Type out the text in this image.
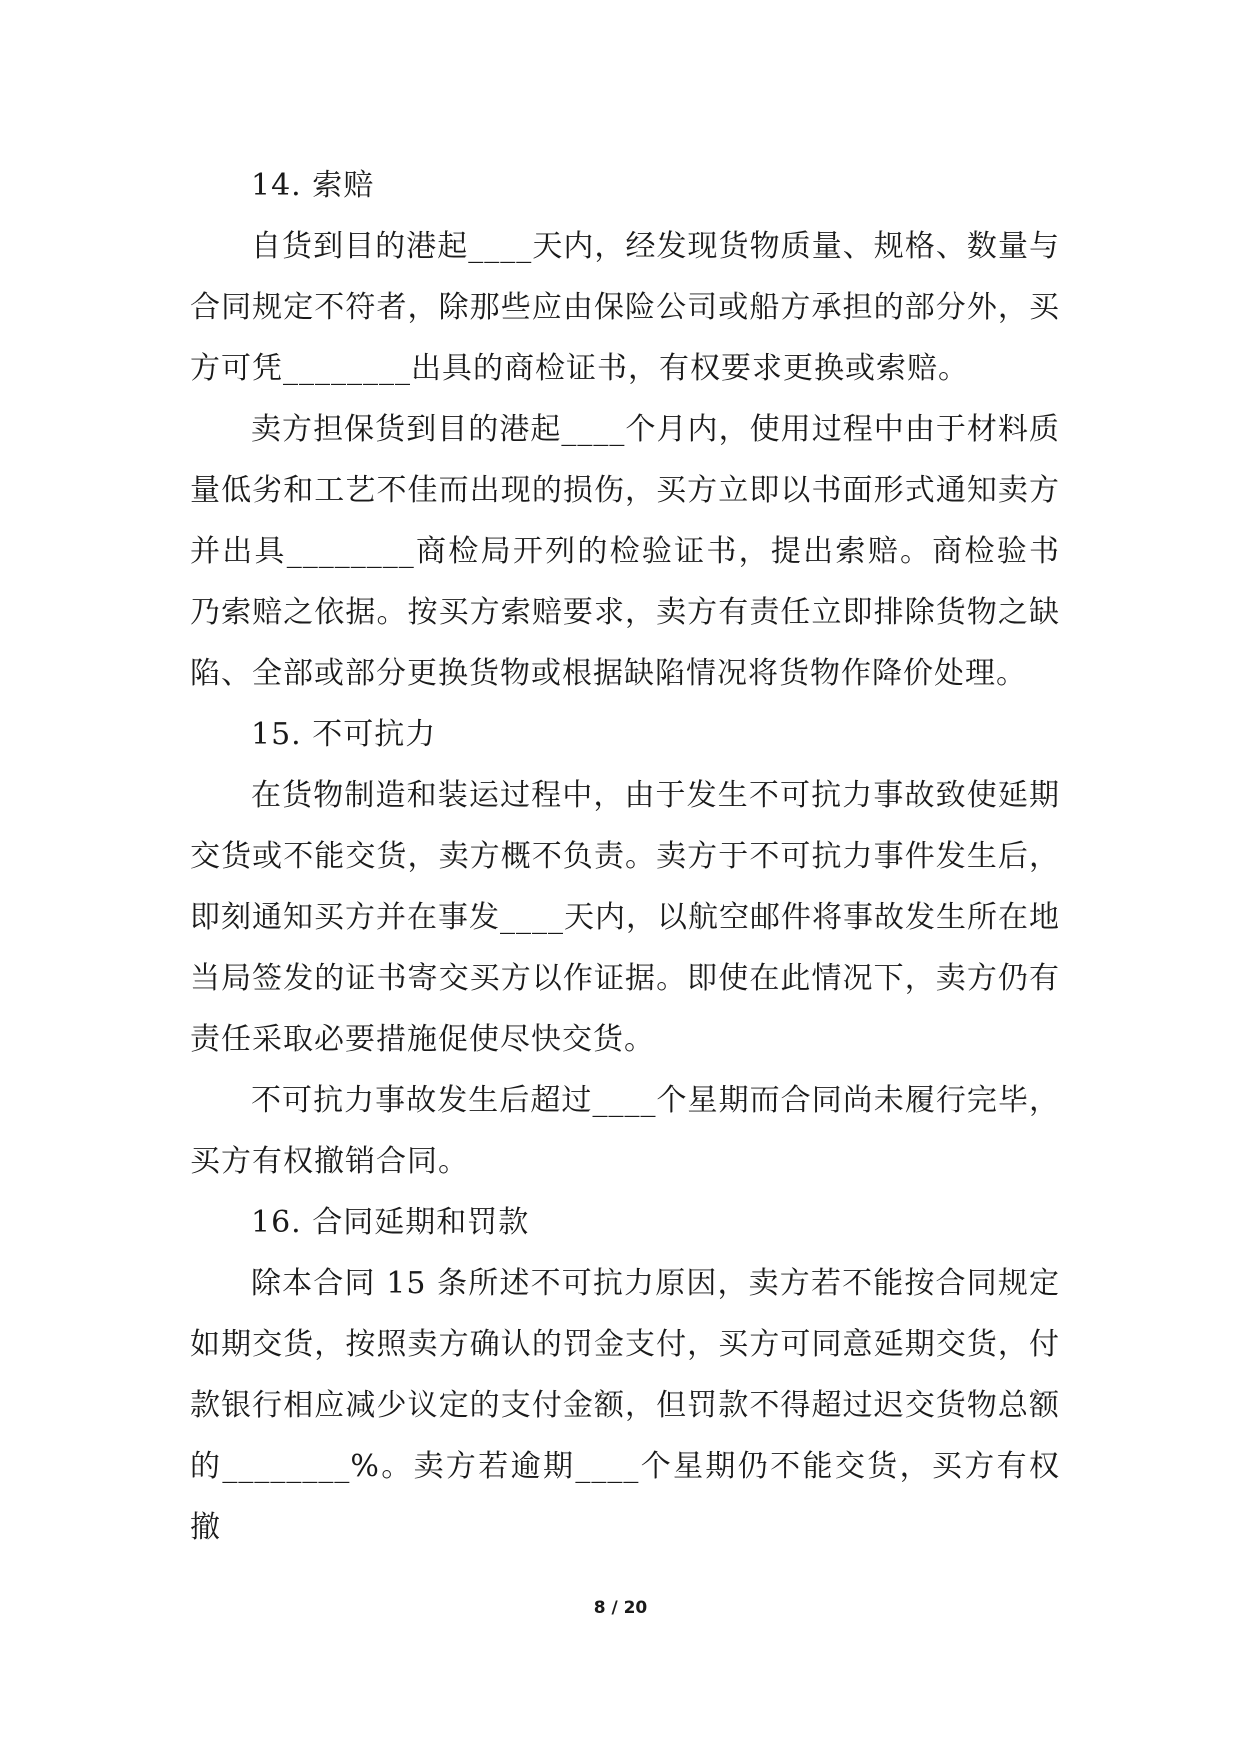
14. 索赔

自货到目的港起____天内，经发现货物质量、规格、数量与合同规定不符者，除那些应由保险公司或船方承担的部分外，买方可凭________出具的商检证书，有权要求更换或索赔。

卖方担保货到目的港起____个月内，使用过程中由于材料质量低劣和工艺不佳而出现的损伤，买方立即以书面形式通知卖方并出具________商检局开列的检验证书，提出索赔。商检验书乃索赔之依据。按买方索赔要求，卖方有责任立即排除货物之缺陷、全部或部分更换货物或根据缺陷情况将货物作降价处理。

15. 不可抗力

在货物制造和装运过程中，由于发生不可抗力事故致使延期交货或不能交货，卖方概不负责。卖方于不可抗力事件发生后，即刻通知买方并在事发____天内，以航空邮件将事故发生所在地当局签发的证书寄交买方以作证据。即使在此情况下，卖方仍有责任采取必要措施促使尽快交货。

不可抗力事故发生后超过____个星期而合同尚未履行完毕，买方有权撤销合同。

16. 合同延期和罚款

除本合同 15 条所述不可抗力原因，卖方若不能按合同规定如期交货，按照卖方确认的罚金支付，买方可同意延期交货，付款银行相应减少议定的支付金额，但罚款不得超过迟交货物总额的________%。卖方若逾期____个星期仍不能交货，买方有权撤

8 / 20
